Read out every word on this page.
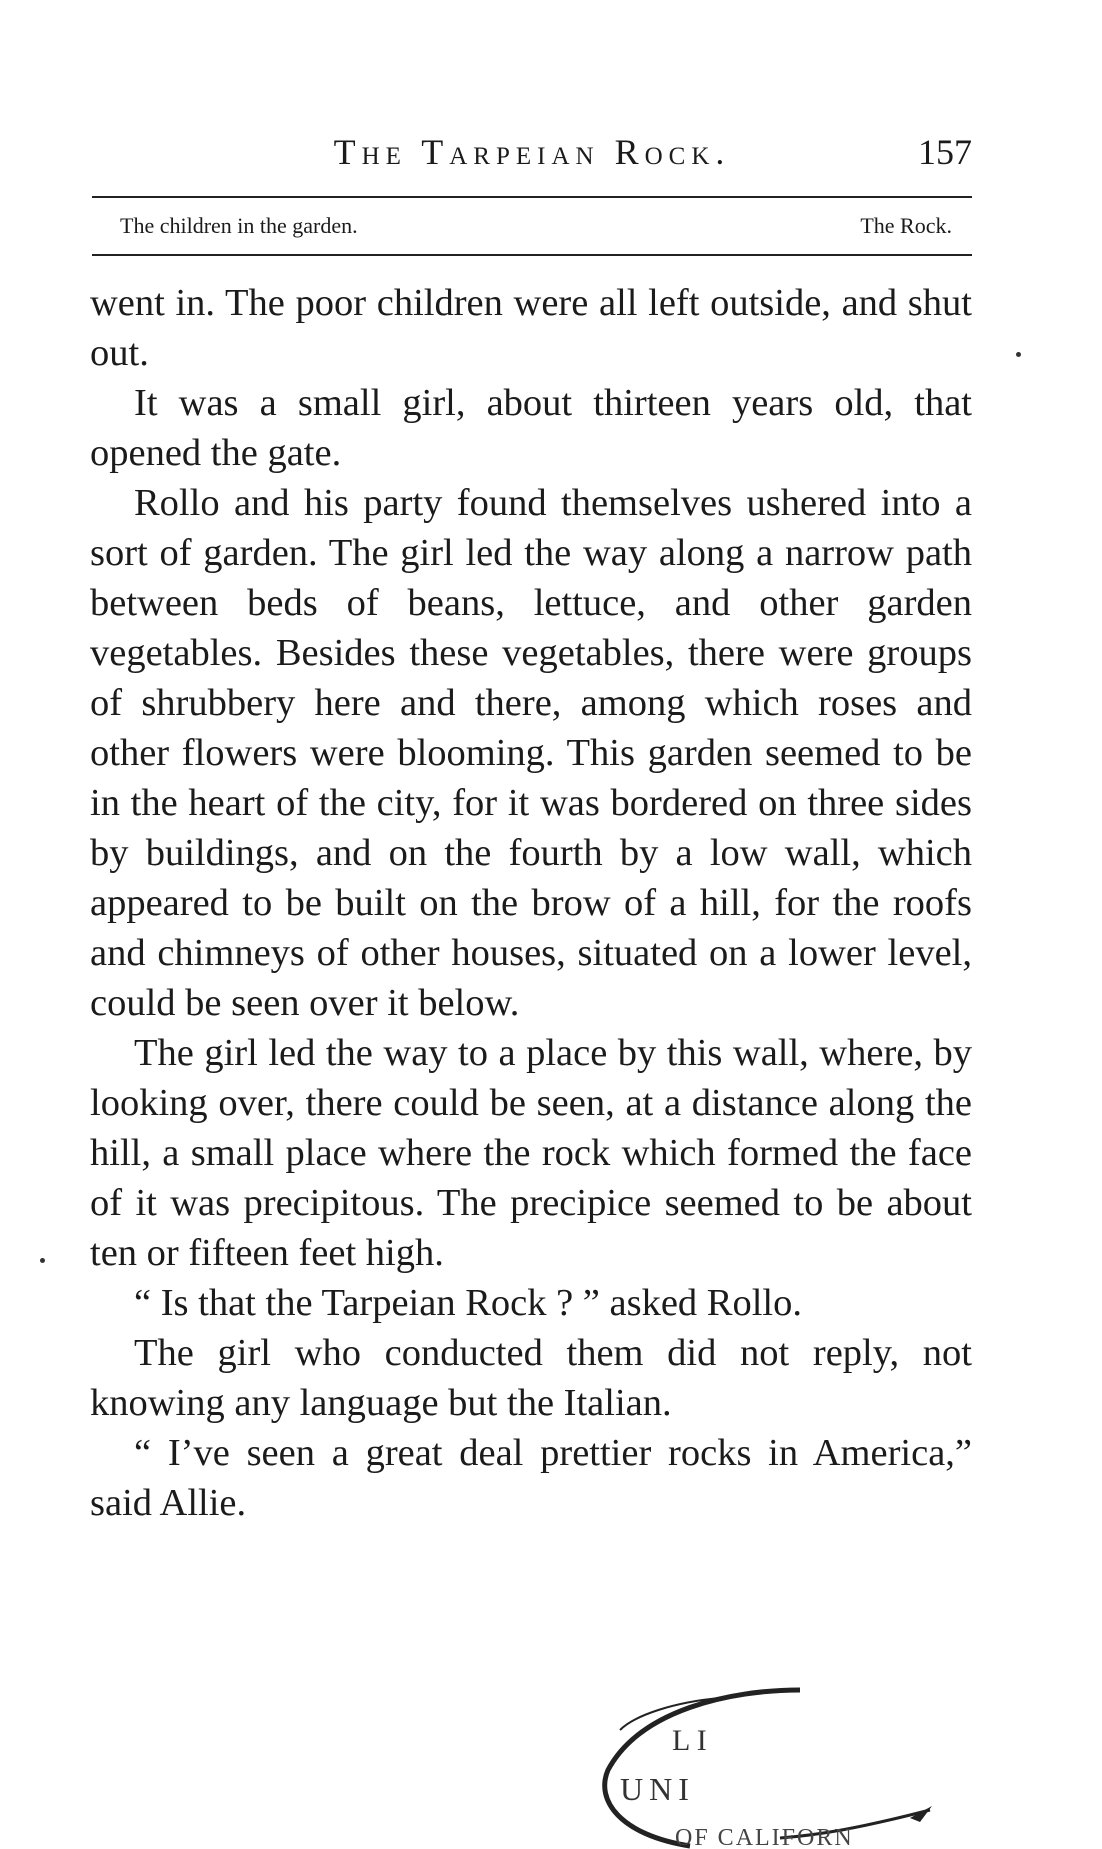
The Tarpeian Rock.	157
The children in the garden.	The Rock.

went in. The poor children were all left outside, and shut out.

It was a small girl, about thirteen years old, that opened the gate.

Rollo and his party found themselves ushered into a sort of garden. The girl led the way along a narrow path between beds of beans, lettuce, and other garden vegetables. Besides these vegetables, there were groups of shrubbery here and there, among which roses and other flowers were blooming. This garden seemed to be in the heart of the city, for it was bordered on three sides by buildings, and on the fourth by a low wall, which appeared to be built on the brow of a hill, for the roofs and chimneys of other houses, situated on a lower level, could be seen over it below.

The girl led the way to a place by this wall, where, by looking over, there could be seen, at a distance along the hill, a small place where the rock which formed the face of it was precipitous. The precipice seemed to be about ten or fifteen feet high.

“ Is that the Tarpeian Rock ? ” asked Rollo.

The girl who conducted them did not reply, not knowing any language but the Italian.

“ I’ve seen a great deal prettier rocks in America,” said Allie.

L I
UNI
OF CALIFORN
